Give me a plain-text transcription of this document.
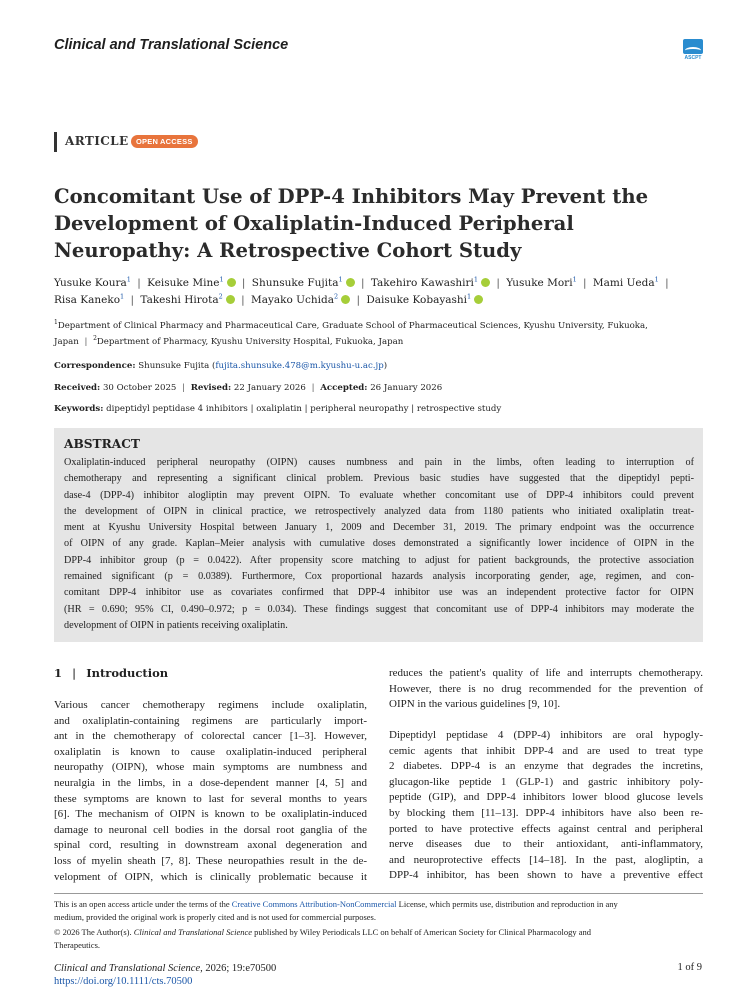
Clinical and Translational Science
ASCPT
ARTICLE OPEN ACCESS
Concomitant Use of DPP-4 Inhibitors May Prevent the Development of Oxaliplatin-Induced Peripheral Neuropathy: A Retrospective Cohort Study
Yusuke Koura$^1$ | Keisuke Mine$^1$ | Shunsuke Fujita$^1$ | Takehiro Kawashiri$^1$ | Yusuke Mori$^1$ | Mami Ueda$^1$ |
Risa Kaneko$^1$ | Takeshi Hirota$^2$ | Mayako Uchida$^2$ | Daisuke Kobayashi$^1$
$^1$Department of Clinical Pharmacy and Pharmaceutical Care, Graduate School of Pharmaceutical Sciences, Kyushu University, Fukuoka,
Japan | $^2$Department of Pharmacy, Kyushu University Hospital, Fukuoka, Japan
Correspondence: Shunsuke Fujita (fujita.shunsuke.478@m.kyushu-u.ac.jp)
Received: 30 October 2025 | Revised: 22 January 2026 | Accepted: 26 January 2026
Keywords: dipeptidyl peptidase 4 inhibitors | oxaliplatin | peripheral neuropathy | retrospective study
ABSTRACT
Oxaliplatin-induced peripheral neuropathy (OIPN) causes numbness and pain in the limbs, often leading to interruption of
chemotherapy and representing a significant clinical problem. Previous basic studies have suggested that the dipeptidyl pepti-
dase-4 (DPP-4) inhibitor alogliptin may prevent OIPN. To evaluate whether concomitant use of DPP-4 inhibitors could prevent
the development of OIPN in clinical practice, we retrospectively analyzed data from 1180 patients who initiated oxaliplatin treat-
ment at Kyushu University Hospital between January 1, 2009 and December 31, 2019. The primary endpoint was the occurrence
of OIPN of any grade. Kaplan–Meier analysis with cumulative doses demonstrated a significantly lower incidence of OIPN in the
DPP-4 inhibitor group (p = 0.0422). After propensity score matching to adjust for patient backgrounds, the protective association
remained significant (p = 0.0389). Furthermore, Cox proportional hazards analysis incorporating gender, age, regimen, and con-
comitant DPP-4 inhibitor use as covariates confirmed that DPP-4 inhibitor use was an independent protective factor for OIPN
(HR = 0.690; 95% CI, 0.490–0.972; p = 0.034). These findings suggest that concomitant use of DPP-4 inhibitors may moderate the
development of OIPN in patients receiving oxaliplatin.
1 | Introduction
Various cancer chemotherapy regimens include oxaliplatin,
and oxaliplatin-containing regimens are particularly import-
ant in the chemotherapy of colorectal cancer [1–3]. However,
oxaliplatin is known to cause oxaliplatin-induced peripheral
neuropathy (OIPN), whose main symptoms are numbness and
neuralgia in the limbs, in a dose-dependent manner [4, 5] and
these symptoms are known to last for several months to years
[6]. The mechanism of OIPN is known to be oxaliplatin-induced
damage to neuronal cell bodies in the dorsal root ganglia of the
spinal cord, resulting in downstream axonal degeneration and
loss of myelin sheath [7, 8]. These neuropathies result in the de-
velopment of OIPN, which is clinically problematic because it
reduces the patient's quality of life and interrupts chemotherapy.
However, there is no drug recommended for the prevention of
OIPN in the various guidelines [9, 10].
Dipeptidyl peptidase 4 (DPP-4) inhibitors are oral hypogly-
cemic agents that inhibit DPP-4 and are used to treat type
2 diabetes. DPP-4 is an enzyme that degrades the incretins,
glucagon-like peptide 1 (GLP-1) and gastric inhibitory poly-
peptide (GIP), and DPP-4 inhibitors lower blood glucose levels
by blocking them [11–13]. DPP-4 inhibitors have also been re-
ported to have protective effects against central and peripheral
nerve diseases due to their antioxidant, anti-inflammatory,
and neuroprotective effects [14–18]. In the past, alogliptin, a
DPP-4 inhibitor, has been shown to have a preventive effect
This is an open access article under the terms of the Creative Commons Attribution-NonCommercial License, which permits use, distribution and reproduction in any
medium, provided the original work is properly cited and is not used for commercial purposes.
© 2026 The Author(s). Clinical and Translational Science published by Wiley Periodicals LLC on behalf of American Society for Clinical Pharmacology and
Therapeutics.
Clinical and Translational Science, 2026; 19:e70500
https://doi.org/10.1111/cts.70500
1 of 9
